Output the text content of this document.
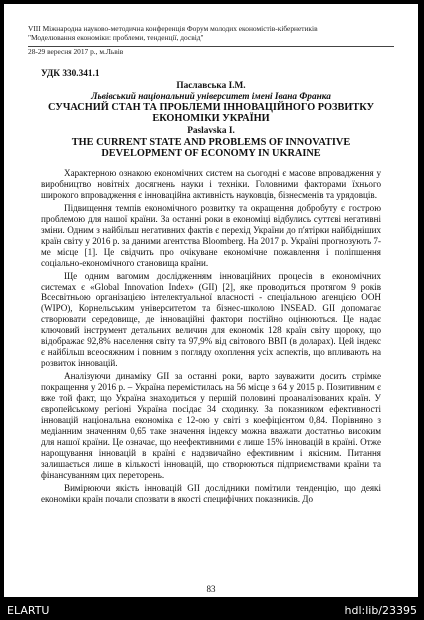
VIII Міжнародна науково-методична конференція Форум молодих економістів-кібернетиків
"Моделювання економіки: проблеми, тенденції, досвід"
28-29 вересня 2017 р., м.Львів
УДК 330.341.1
Паславська І.М.
Львівський національний університет імені Івана Франка
СУЧАСНИЙ СТАН ТА ПРОБЛЕМИ ІННОВАЦІЙНОГО РОЗВИТКУ ЕКОНОМІКИ УКРАЇНИ
Paslavska I.
THE CURRENT STATE AND PROBLEMS OF INNOVATIVE DEVELOPMENT OF ECONOMY IN UKRAINE

Характерною ознакою економічних систем на сьогодні є масове впровадження у виробництво новітніх досягнень науки і техніки. Головними факторами їхнього широкого впровадження є інноваційна активність науковців, бізнесменів та урядовців.

Підвищення темпів економічного розвитку та окращення добробуту є гострою проблемою для нашої країни. За останні роки в економіці відбулись суттєві негативні зміни. Одним з найбільш негативних фактів є перехід України до п'ятірки найбідніших країн світу у 2016 р. за даними агентства Bloomberg. На 2017 р. Україні прогнозують 7-ме місце [1]. Це свідчить про очікуване економічне пожавлення і поліпшення соціально-економічного становища країни.

Ще одним вагомим дослідженням інноваційних процесів в економічних системах є «Global Innovation Index» (GII) [2], яке проводиться протягом 9 років Всесвітньою організацією інтелектуальної власності - спеціальною агенцією ООН (WIPO), Корнельським університетом та бізнес-школою INSEAD. GII допомагає створювати середовище, де інноваційні фактори постійно оцінюються. Це надає ключовий інструмент детальних величин для економік 128 країн світу щороку, що відображає 92,8% населення світу та 97,9% від світового ВВП (в доларах). Цей індекс є найбільш всеосяжним і повним з погляду охоплення усіх аспектів, що впливають на розвиток інновацій.

Аналізуючи динаміку GII за останні роки, варто зауважити досить стрімке покращення у 2016 р. – Україна перемістилась на 56 місце з 64 у 2015 р. Позитивним є вже той факт, що Україна знаходиться у першій половині проаналізованих країн. У європейському регіоні Україна посідає 34 сходинку. За показником ефективності інновацій національна економіка є 12-ою у світі з коефіцієнтом 0,84. Порівняно з медіанним значенням 0,65 таке значення індексу можна вважати достатньо високим для нашої країни. Це означає, що неефективними є лише 15% інновацій в країні. Отже нарощування інновацій в країні є надзвичайно ефективним і якісним. Питання залишається лише в кількості інновацій, що створюються підприємствами країни та фінансуванням цих переторень.

Вимірюючи якість інновацій GII дослідники помітили тенденцію, що деякі економіки країн почали спозвати в якості специфічних показників. До

83
ELARTU	hdl:lib/23395
